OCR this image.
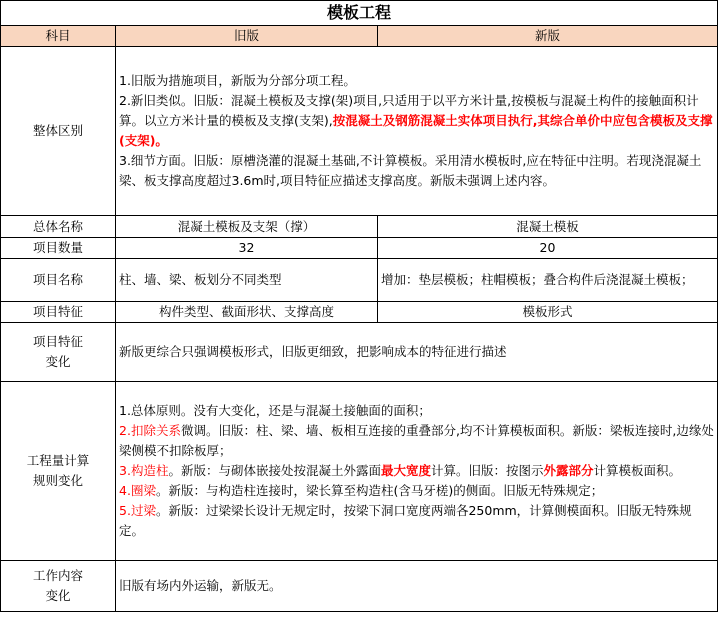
模板工程		
科目	旧版	新版
整体区别	1.旧版为措施项目，新版为分部分项工程。
2.新旧类似。旧版：混凝土模板及支撑(架)项目,只适用于以平方米计量,按模板与混凝土构件的接触面积计算。以立方米计量的模板及支撑(支架),按混凝土及钢筋混凝土实体项目执行,其综合单价中应包含模板及支撑(支架)。
3.细节方面。旧版：原槽浇灌的混凝土基础,不计算模板。采用清水模板时,应在特征中注明。若现浇混凝土梁、板支撑高度超过3.6m时,项目特征应描述支撑高度。新版未强调上述内容。	

总体名称	混凝土模板及支架（撑）	混凝土模板
项目数量	32	20
项目名称	柱、墙、梁、板划分不同类型	增加：垫层模板；柱帽模板；叠合构件后浇混凝土模板；
项目特征	构件类型、截面形状、支撑高度	模板形式

项目特征
变化	新版更综合只强调模板形式，旧版更细致，把影响成本的特征进行描述	

工程量计算
规则变化	1.总体原则。没有大变化，还是与混凝土接触面的面积；
2.扣除关系微调。旧版：柱、梁、墙、板相互连接的重叠部分,均不计算模板面积。新版：梁板连接时,边缘处梁侧模不扣除板厚；
3.构造柱。新版：与砌体嵌接处按混凝土外露面最大宽度计算。旧版：按图示外露部分计算模板面积。
4.圈梁。新版：与构造柱连接时，梁长算至构造柱(含马牙槎)的侧面。旧版无特殊规定；
5.过梁。新版：过梁梁长设计无规定时，按梁下洞口宽度两端各250mm，计算侧模面积。旧版无特殊规定。	

工作内容
变化	旧版有场内外运输，新版无。	
